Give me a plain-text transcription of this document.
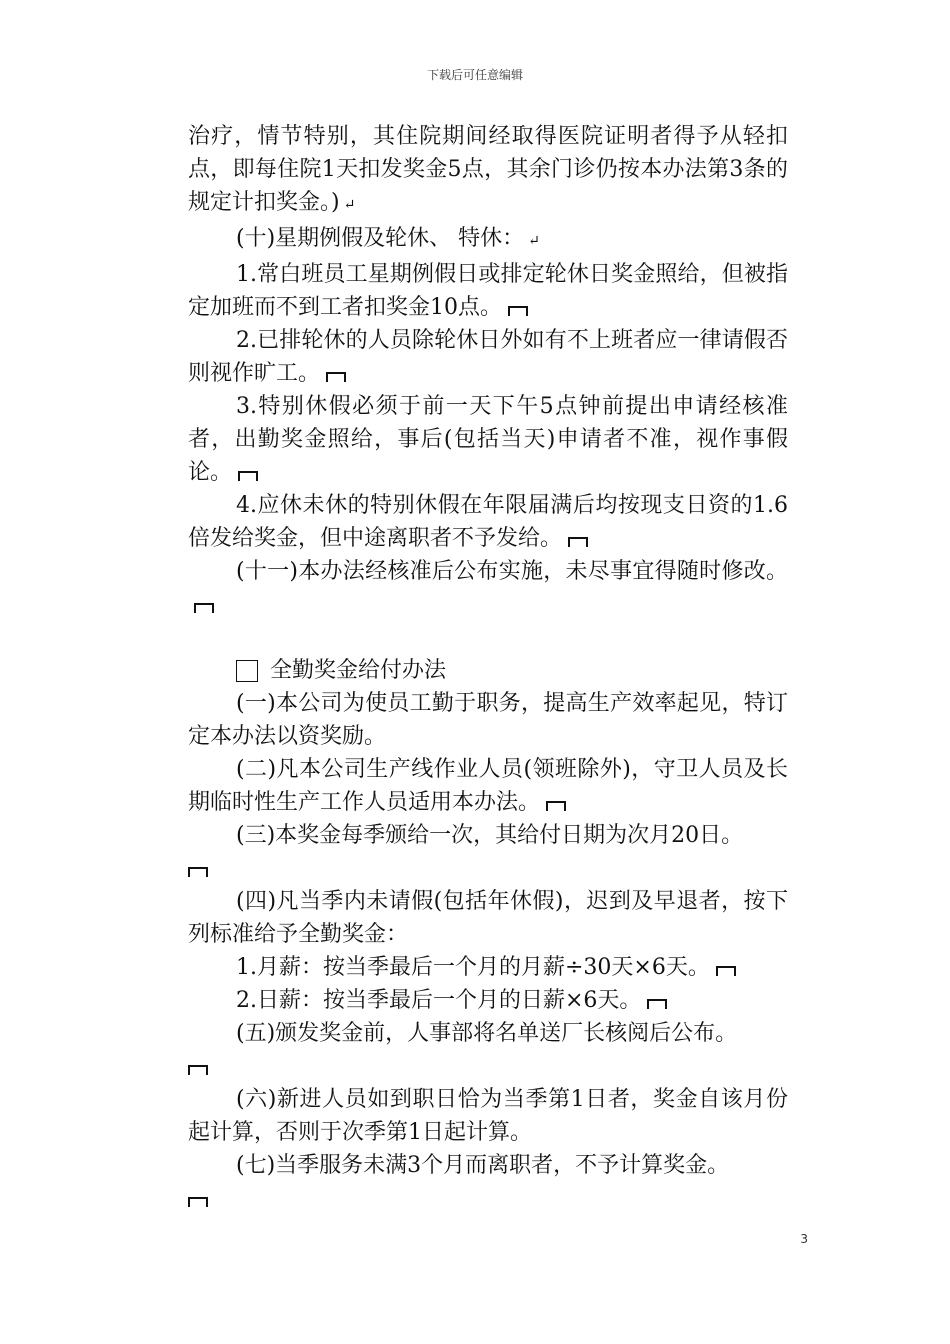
下载后可任意编辑

治疗，情节特别，其住院期间经取得医院证明者得予从轻扣点，即每住院1天扣发奖金5点，其余门诊仍按本办法第3条的规定计扣奖金。) ↵

(十)星期例假及轮休、 特休： ↵

1.常白班员工星期例假日或排定轮休日奖金照给，但被指定加班而不到工者扣奖金10点。

2.已排轮休的人员除轮休日外如有不上班者应一律请假否则视作旷工。

3.特别休假必须于前一天下午5点钟前提出申请经核准者，出勤奖金照给，事后(包括当天)申请者不准，视作事假论。

4.应休未休的特别休假在年限届满后均按现支日资的1.6倍发给奖金，但中途离职者不予发给。

(十一)本办法经核准后公布实施，未尽事宜得随时修改。

全勤奖金给付办法

(一)本公司为使员工勤于职务，提高生产效率起见，特订定本办法以资奖励。

(二)凡本公司生产线作业人员(领班除外)，守卫人员及长期临时性生产工作人员适用本办法。

(三)本奖金每季颁给一次，其给付日期为次月20日。

(四)凡当季内未请假(包括年休假)，迟到及早退者，按下列标准给予全勤奖金：

1.月薪：按当季最后一个月的月薪÷30天×6天。

2.日薪：按当季最后一个月的日薪×6天。

(五)颁发奖金前，人事部将名单送厂长核阅后公布。

(六)新进人员如到职日恰为当季第1日者，奖金自该月份起计算，否则于次季第1日起计算。

(七)当季服务未满3个月而离职者，不予计算奖金。

3
